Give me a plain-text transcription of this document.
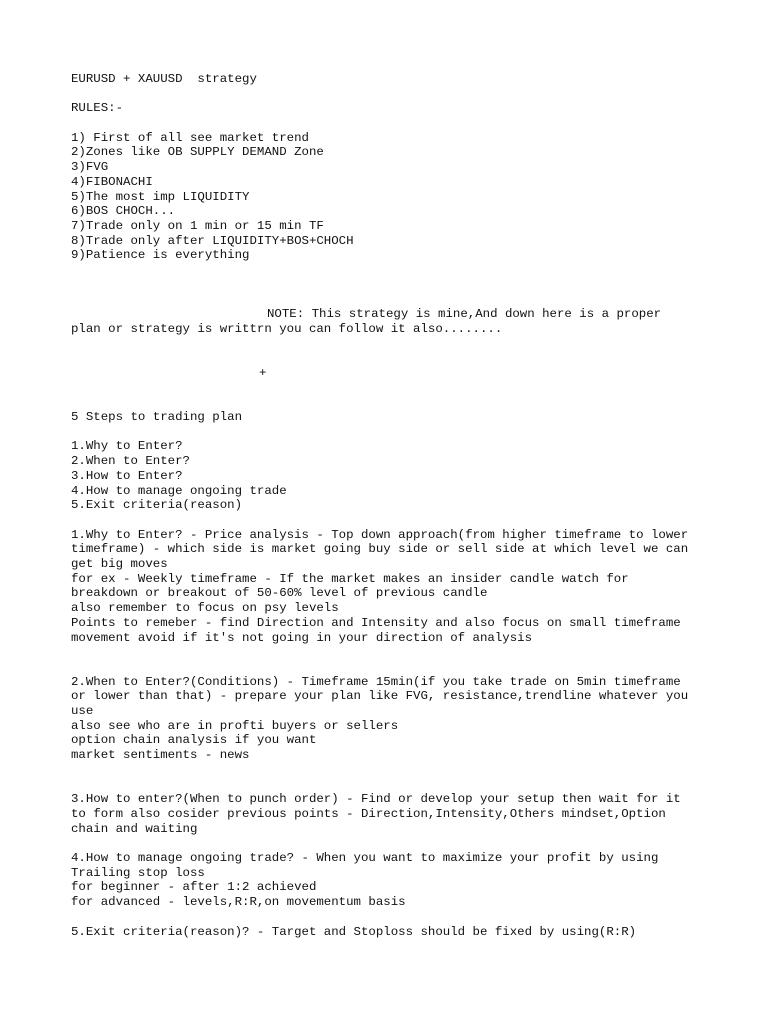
EURUSD + XAUUSD  strategy
RULES:-
1) First of all see market trend
2)Zones like OB SUPPLY DEMAND Zone
3)FVG
4)FIBONACHI
5)The most imp LIQUIDITY
6)BOS CHOCH...
7)Trade only on 1 min or 15 min TF
8)Trade only after LIQUIDITY+BOS+CHOCH
9)Patience is everything
NOTE: This strategy is mine,And down here is a proper
plan or strategy is writtrn you can follow it also........
+
5 Steps to trading plan
1.Why to Enter?
2.When to Enter?
3.How to Enter?
4.How to manage ongoing trade
5.Exit criteria(reason)
1.Why to Enter? - Price analysis - Top down approach(from higher timeframe to lower
timeframe) - which side is market going buy side or sell side at which level we can
get big moves
for ex - Weekly timeframe - If the market makes an insider candle watch for
breakdown or breakout of 50-60% level of previous candle
also remember to focus on psy levels
Points to remeber - find Direction and Intensity and also focus on small timeframe
movement avoid if it's not going in your direction of analysis
2.When to Enter?(Conditions) - Timeframe 15min(if you take trade on 5min timeframe
or lower than that) - prepare your plan like FVG, resistance,trendline whatever you
use
also see who are in profti buyers or sellers
option chain analysis if you want
market sentiments - news
3.How to enter?(When to punch order) - Find or develop your setup then wait for it
to form also cosider previous points - Direction,Intensity,Others mindset,Option
chain and waiting
4.How to manage ongoing trade? - When you want to maximize your profit by using
Trailing stop loss
for beginner - after 1:2 achieved
for advanced - levels,R:R,on movementum basis
5.Exit criteria(reason)? - Target and Stoploss should be fixed by using(R:R)
